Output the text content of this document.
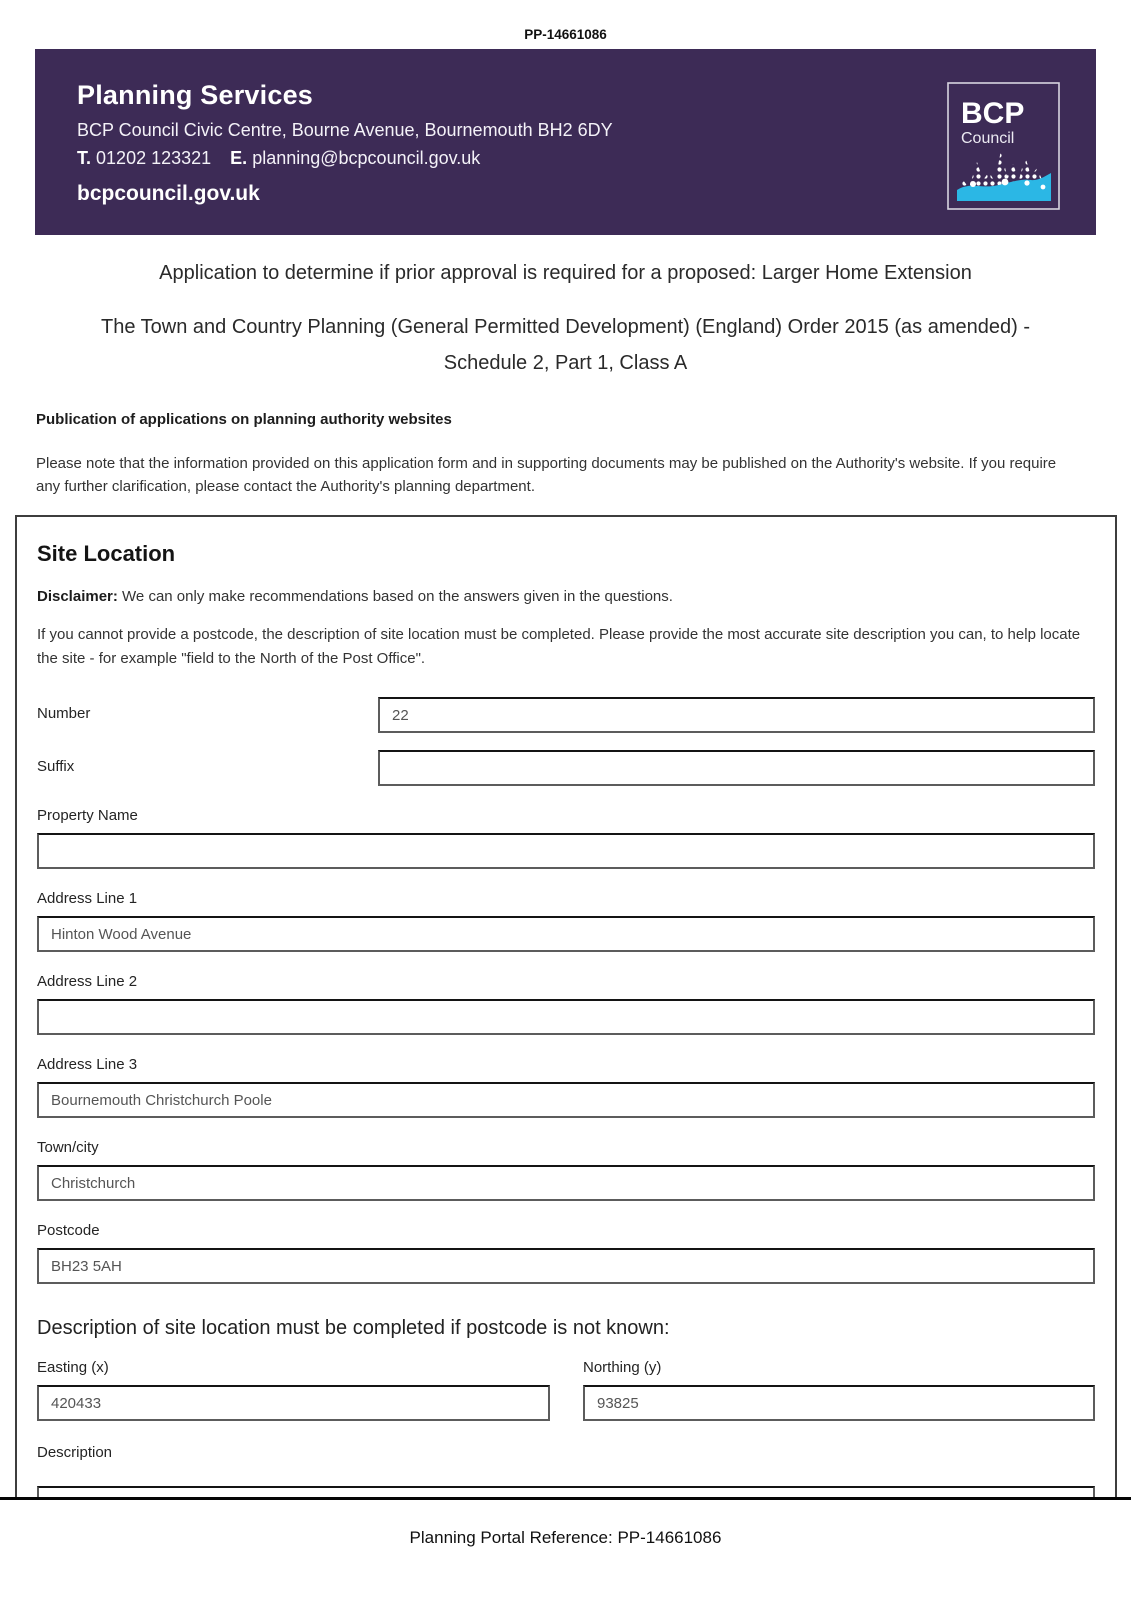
PP-14661086
Planning Services
BCP Council Civic Centre, Bourne Avenue, Bournemouth BH2 6DY
T. 01202 123321 E. planning@bcpcouncil.gov.uk
bcpcouncil.gov.uk
BCP
Council
Application to determine if prior approval is required for a proposed: Larger Home Extension
The Town and Country Planning (General Permitted Development) (England) Order 2015 (as amended) - Schedule 2, Part 1, Class A
Publication of applications on planning authority websites
Please note that the information provided on this application form and in supporting documents may be published on the Authority's website. If you require any further clarification, please contact the Authority's planning department.
Site Location

Disclaimer: We can only make recommendations based on the answers given in the questions.

If you cannot provide a postcode, the description of site location must be completed. Please provide the most accurate site description you can, to help locate the site - for example "field to the North of the Post Office".

Number
22
Suffix
Property Name
Address Line 1
Hinton Wood Avenue
Address Line 2
Address Line 3
Bournemouth Christchurch Poole
Town/city
Christchurch
Postcode
BH23 5AH
Description of site location must be completed if postcode is not known:
Easting (x)
420433	Northing (y)
93825
Description
Planning Portal Reference: PP-14661086
